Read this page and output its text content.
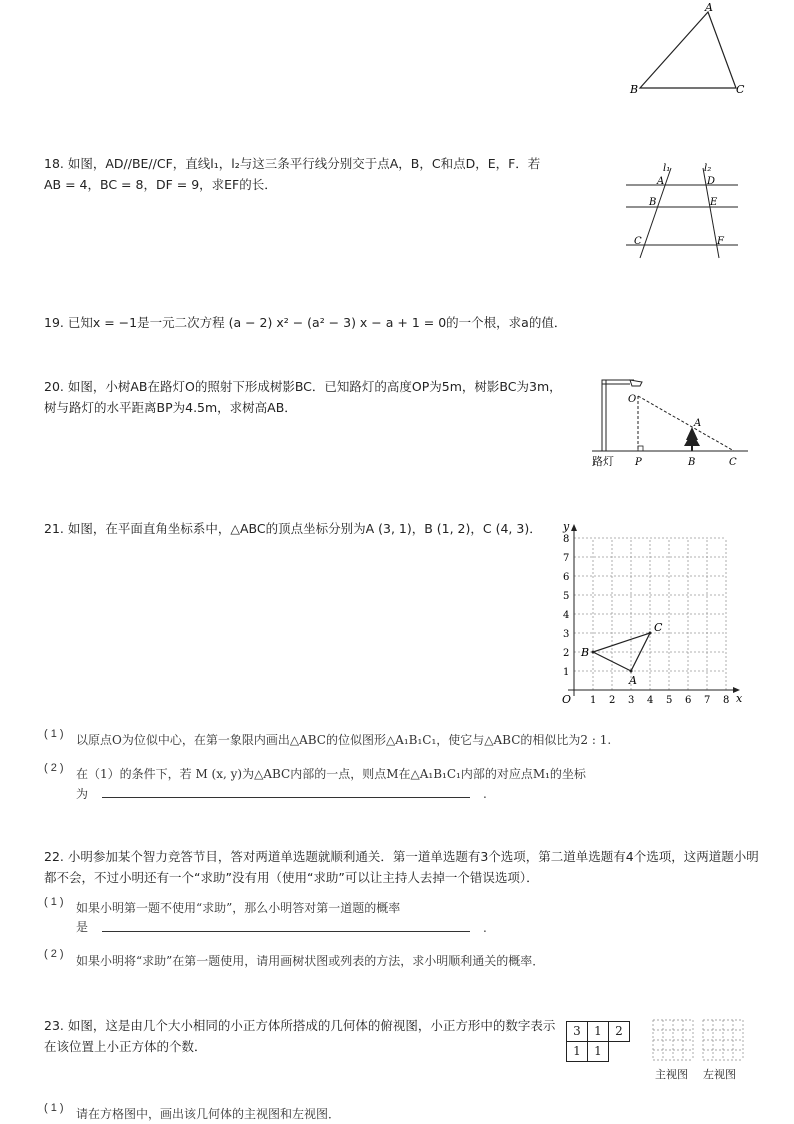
A
B	C
18. 如图，AD//BE//CF，直线l₁，l₂与这三条平行线分别交于点A，B，C和点D，E，F．若
AB = 4，BC = 8，DF = 9，求EF的长．
l₁	l₂
A	D
B	E
C	F
19. 已知x = −1是一元二次方程 (a − 2) x² − (a² − 3) x − a + 1 = 0的一个根，求a的值．
20. 如图，小树AB在路灯O的照射下形成树影BC．已知路灯的高度OP为5m，树影BC为3m，
树与路灯的水平距离BP为4.5m，求树高AB．
O
A
路灯 P	B	C
21. 如图，在平面直角坐标系中，△ABC的顶点坐标分别为A (3, 1)，B (1, 2)，C (4, 3)．
1 2 3 4 5 6 7 8
1
2
3
4
5
6
7
8
O	x
y
A
B
C
( 1 ) 以原点O为位似中心，在第一象限内画出△ABC的位似图形△A₁B₁C₁，使它与△ABC的相似比为2 : 1.
( 2 ) 在（1）的条件下，若 M (x, y)为△ABC内部的一点，则点M在△A₁B₁C₁内部的对应点M₁的坐标
为	.
22. 小明参加某个智力竞答节目，答对两道单选题就顺利通关．第一道单选题有3个选项，第二道单选题有4个选项，这两道题小明
都不会，不过小明还有一个“求助”没有用（使用“求助”可以让主持人去掉一个错误选项）．
( 1 ) 如果小明第一题不使用“求助”，那么小明答对第一道题的概率
是	.
( 2 ) 如果小明将“求助”在第一题使用，请用画树状图或列表的方法，求小明顺利通关的概率．
23. 如图，这是由几个大小相同的小正方体所搭成的几何体的俯视图，小正方形中的数字表示
在该位置上小正方体的个数．
3	1	2
1	1
主视图 左视图
( 1 ) 请在方格图中，画出该几何体的主视图和左视图．
